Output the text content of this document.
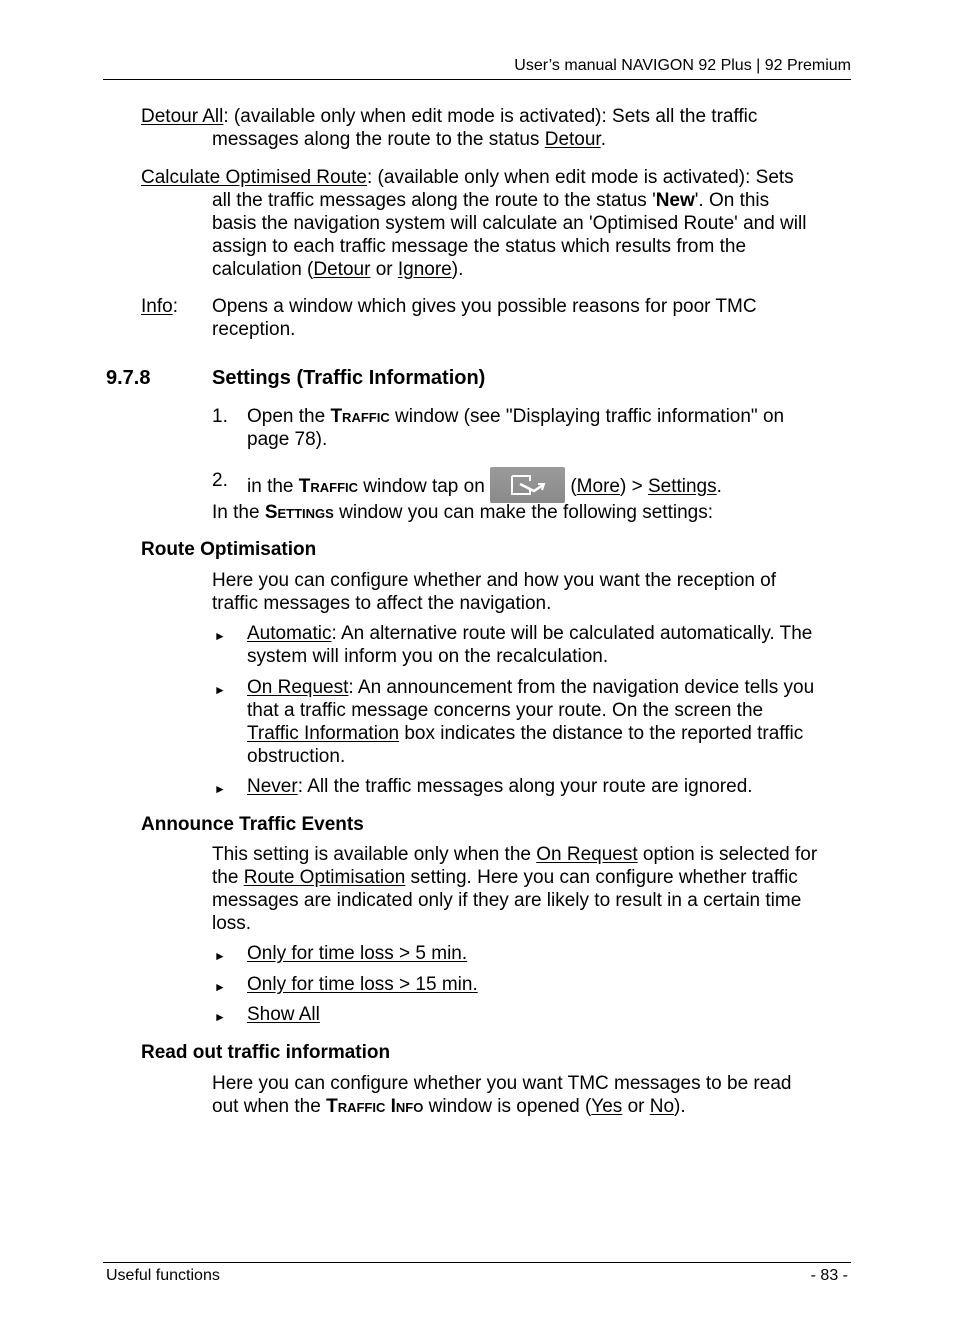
User’s manual NAVIGON 92 Plus | 92 Premium
Detour All: (available only when edit mode is activated): Sets all the traffic
messages along the route to the status Detour.
Calculate Optimised Route: (available only when edit mode is activated): Sets
all the traffic messages along the route to the status 'New'. On this
basis the navigation system will calculate an 'Optimised Route' and will
assign to each traffic message the status which results from the
calculation (Detour or Ignore).
Info: Opens a window which gives you possible reasons for poor TMC
reception.
9.7.8	Settings (Traffic Information)
1. Open the Traffic window (see "Displaying traffic information" on
page 78).
2. in the Traffic window tap on	(More) > Settings.
In the Settings window you can make the following settings:
Route Optimisation
Here you can configure whether and how you want the reception of
traffic messages to affect the navigation.
► Automatic: An alternative route will be calculated automatically. The
system will inform you on the recalculation.
► On Request: An announcement from the navigation device tells you
that a traffic message concerns your route. On the screen the
Traffic Information box indicates the distance to the reported traffic
obstruction.
► Never: All the traffic messages along your route are ignored.
Announce Traffic Events
This setting is available only when the On Request option is selected for
the Route Optimisation setting. Here you can configure whether traffic
messages are indicated only if they are likely to result in a certain time
loss.
► Only for time loss > 5 min.
► Only for time loss > 15 min.
► Show All
Read out traffic information
Here you can configure whether you want TMC messages to be read
out when the Traffic Info window is opened (Yes or No).
Useful functions	- 83 -
